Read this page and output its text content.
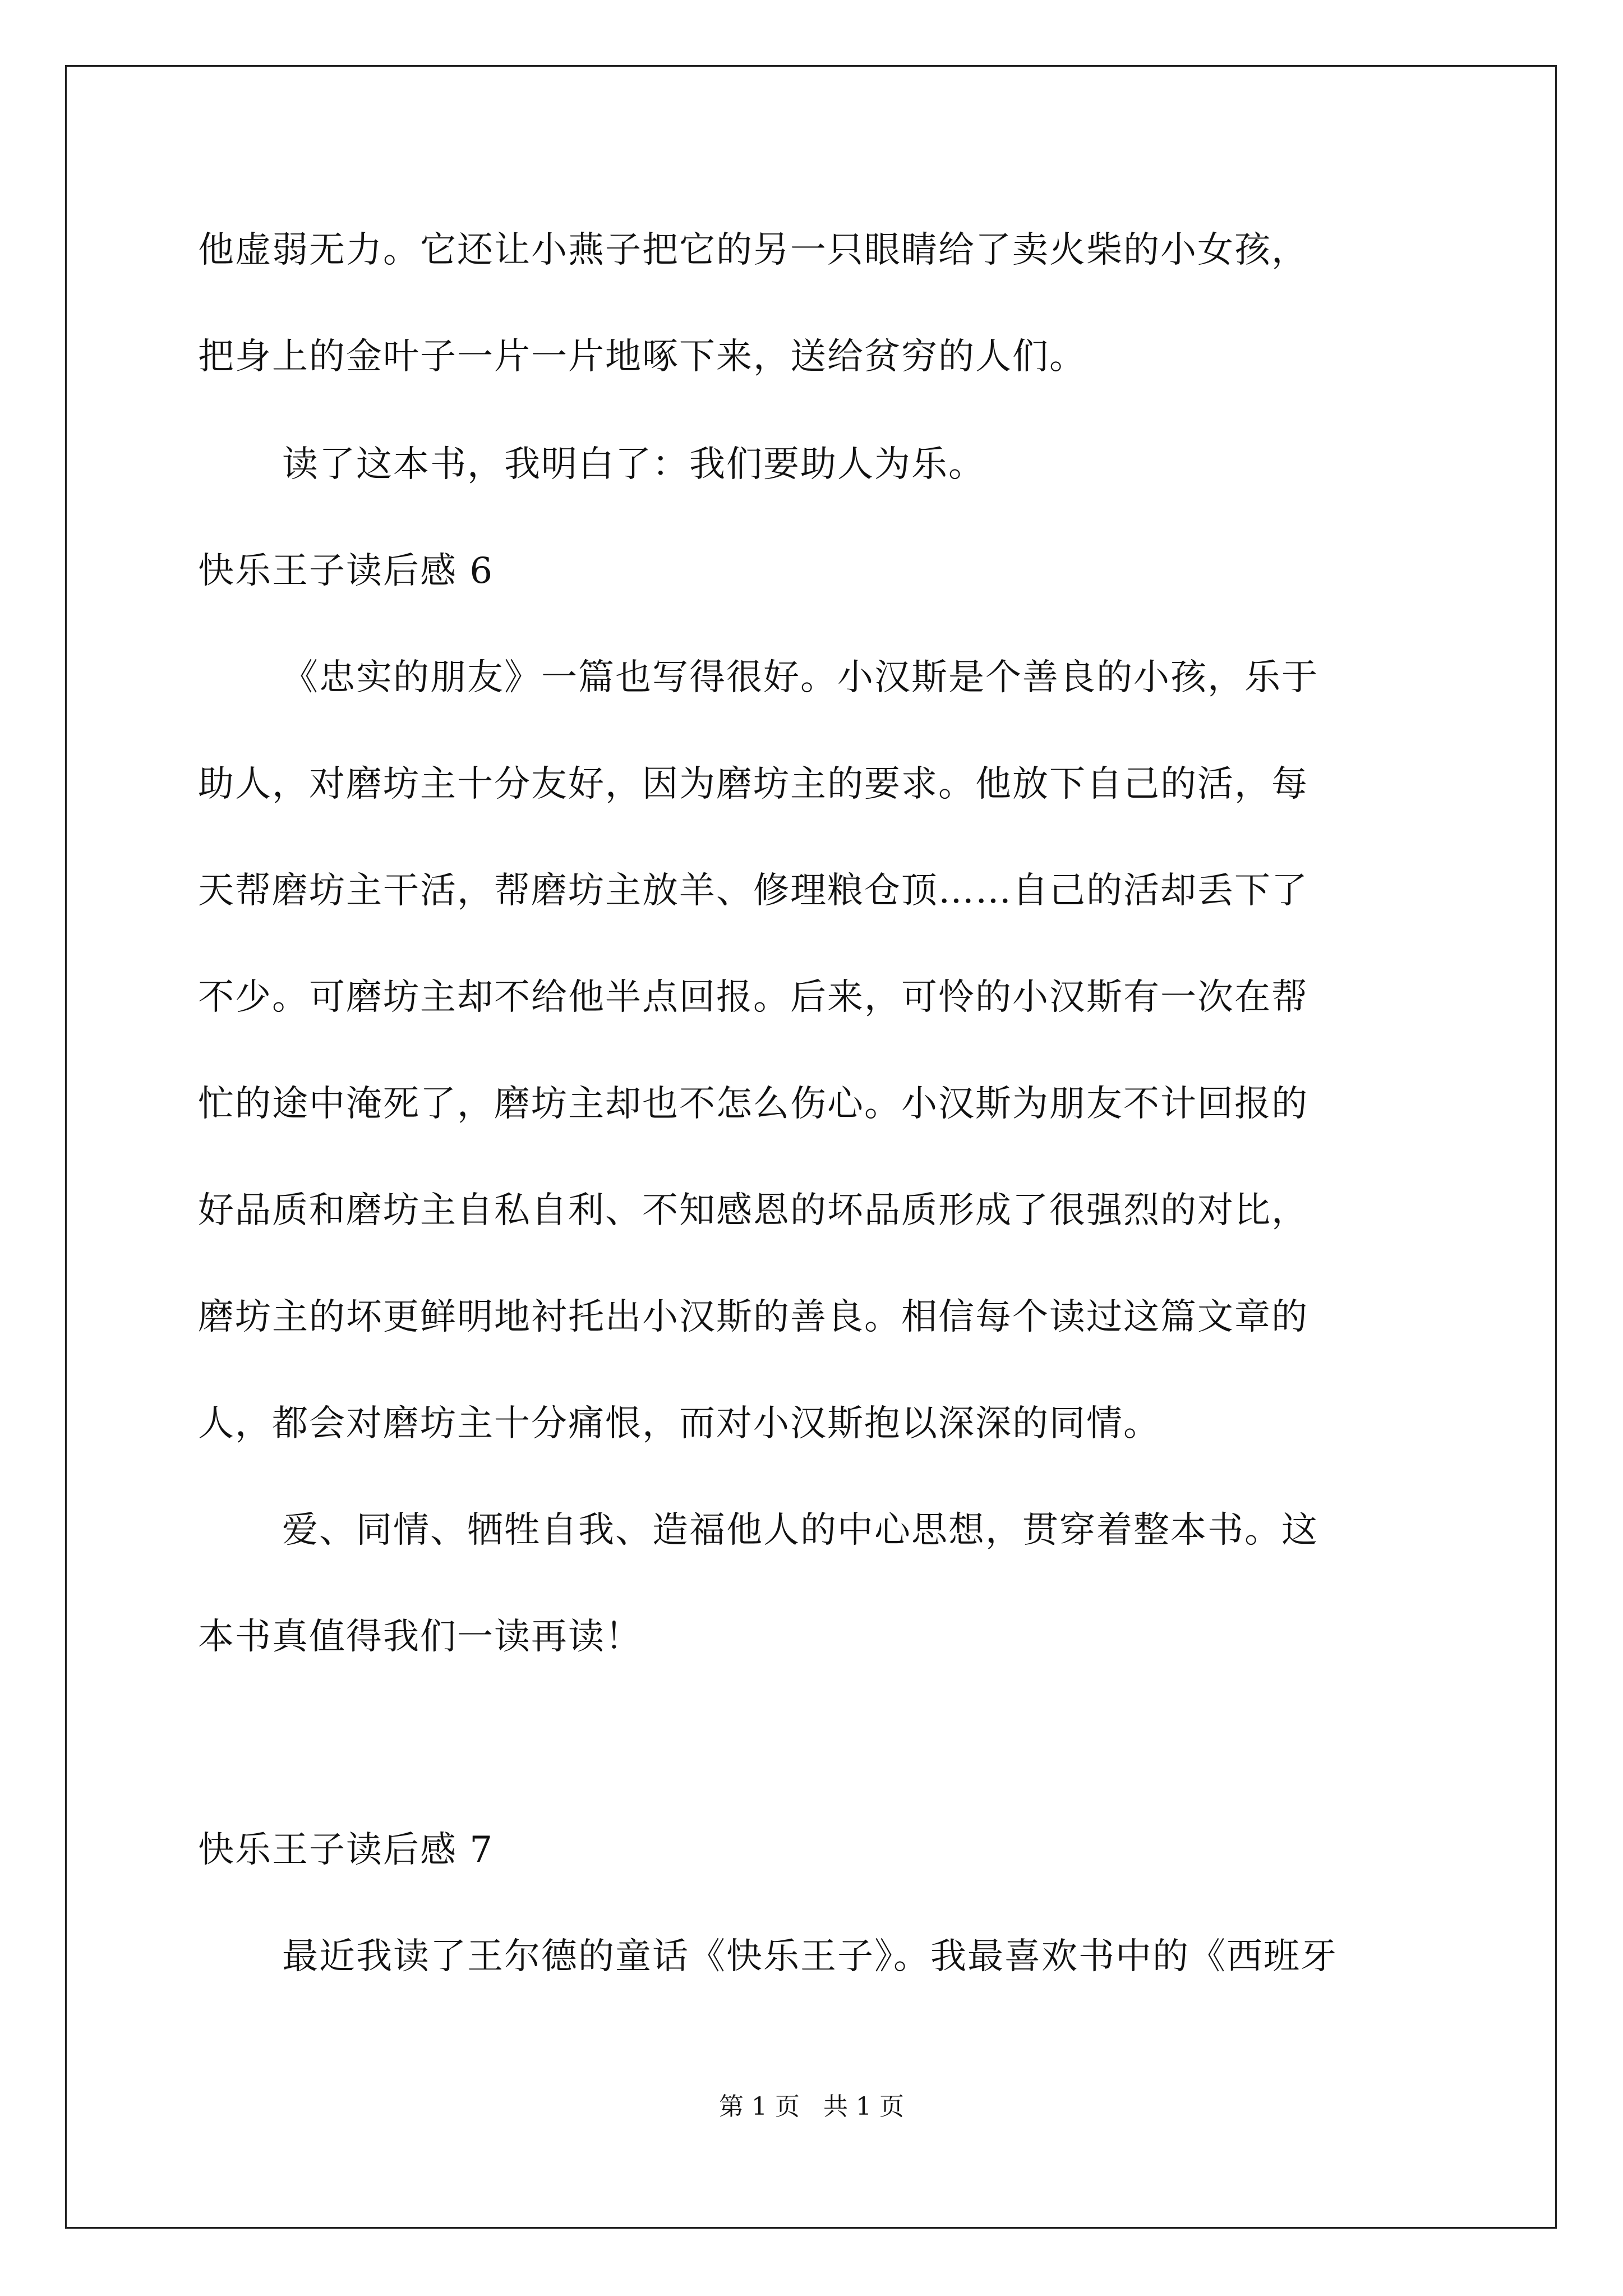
他虚弱无力。它还让小燕子把它的另一只眼睛给了卖火柴的小女孩，
把身上的金叶子一片一片地啄下来，送给贫穷的人们。
读了这本书，我明白了：我们要助人为乐。
快乐王子读后感 6
《忠实的朋友》一篇也写得很好。小汉斯是个善良的小孩，乐于
助人，对磨坊主十分友好，因为磨坊主的要求。他放下自己的活，每
天帮磨坊主干活，帮磨坊主放羊、修理粮仓顶……自己的活却丢下了
不少。可磨坊主却不给他半点回报。后来，可怜的小汉斯有一次在帮
忙的途中淹死了，磨坊主却也不怎么伤心。小汉斯为朋友不计回报的
好品质和磨坊主自私自利、不知感恩的坏品质形成了很强烈的对比，
磨坊主的坏更鲜明地衬托出小汉斯的善良。相信每个读过这篇文章的
人，都会对磨坊主十分痛恨，而对小汉斯抱以深深的同情。
爱、同情、牺牲自我、造福他人的中心思想，贯穿着整本书。这
本书真值得我们一读再读！
快乐王子读后感 7
最近我读了王尔德的童话《快乐王子》。我最喜欢书中的《西班牙
第 1 页   共 1 页
